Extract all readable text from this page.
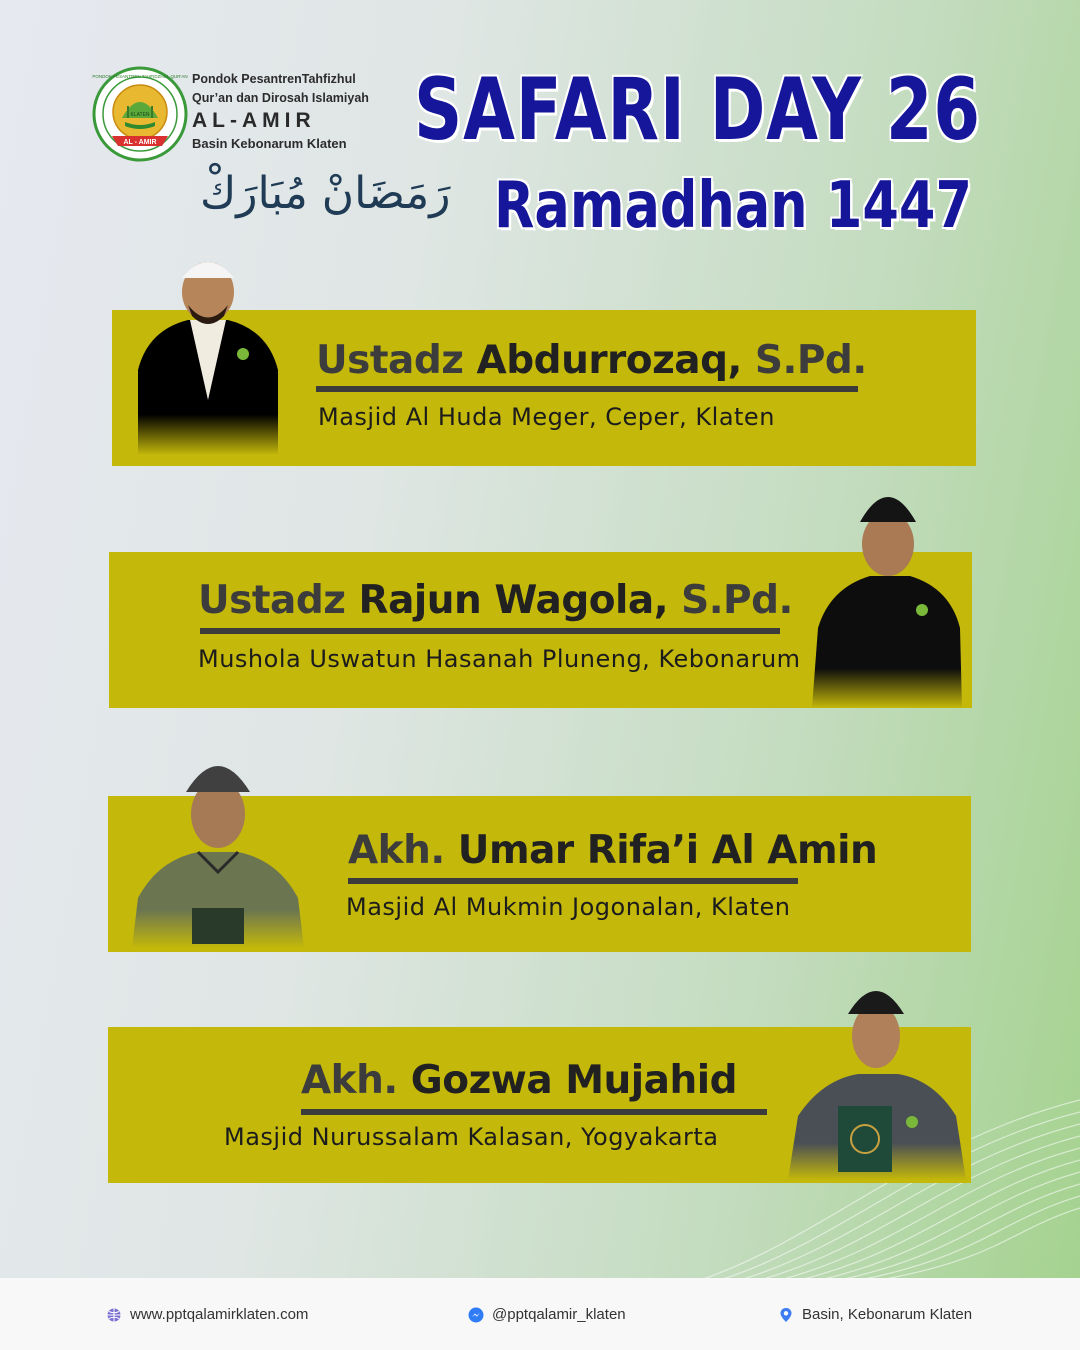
KLATEN
AL - AMIR
PONDOK PESANTREN TAHFIDZHUL QUR'AN Pondok PesantrenTahfizhul
Qur’an dan Dirosah Islamiyah
AL-AMIR
Basin Kebonarum Klaten
رَمَضَانْ مُبَارَكْ
SAFARI DAY 26
Ramadhan 1447
Ustadz Abdurrozaq, S.Pd.
Masjid Al Huda Meger, Ceper, Klaten
Ustadz Rajun Wagola, S.Pd.
Mushola Uswatun Hasanah Pluneng, Kebonarum
Akh. Umar Rifa’i Al Amin
Masjid Al Mukmin Jogonalan, Klaten
Akh. Gozwa Mujahid
Masjid Nurussalam Kalasan, Yogyakarta
www.pptqalamirklaten.com	@pptqalamir_klaten	Basin, Kebonarum Klaten
